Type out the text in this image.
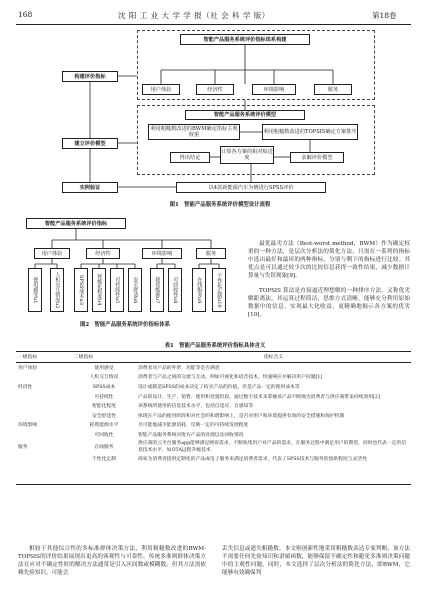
168	沈 阳 工 业 大 学 学 报（社 会 科 学 版）	第18卷
智能产品服务系统评价指标体系构建
构建评价指标
用户体验	经济性	环境影响	服务
智能产品服务系统评价模型
建立评价模型
利用粗糙数改进的BWM确定指标主观权重	利用粗糙数改进的TOPSIS确定方案排序
得出结论
计算各方案的相对贴近度	求解评价模型
实例验证	以4款新能源汽车为例进行SPSS评价
图1　智能产品服务系统评价模型设计流程
智能产品服务系统评价指标
用户体验	经济性	环境影响	服务
使用感受u1	人机交互情况u2	SPSS成本u3	智能化程度u4	可持续性u5	安全舒适u6	耗资能源u7	可回收性u8	在线服务u9	个性化定制u10
图2　智能产品服务系统评价指标体系
最优最劣方法（Best-worst method，BWM）作为确定权重的一种方法，是层次分析法的简化方法，只需在一系列的指标中选出最好和最坏的两种指标，分别与剩下的指标进行比较。其优点是可以通过较少次的比较信息获得一致性结果，减少数据计算量与失误现象[9]。
TOPSIS 算法是直接逼近理想解的一种排序方法，又称优劣解距离法，其运算过程简洁，思维方式清晰，能够充分利用原始数据中的信息，实现最大化收益，更精确地揭示各方案的优劣[10]。
表1　智能产品服务系统评价指标具体含义
一级指标	二级指标	指标含义
用户体验	使用感受	消费者对产品的外形、功能等是否满意
	人机交互情况	消费者与产品之间的交流与互动，例如可视化和语音技术，快速响应并解决用户问题[1]
经济性	SPSS成本	设计或制造SPSS的成本决定了构买产品的价值，但是产品一定的使用成本等
	可持续性	产品的设计、生产、销售、使用和处置阶段，通过数字技术来掌握该产品不断地为消费者与供应商带来持续效用[2]
	智能化程度	该系统所使用的信息技术水平，包括自适应、自感知等
	安全舒适性	体现在产品的使用阶段和对社会的和谐影响上，是否对用户和环境提供有效的安全措施和保护机制
环境影响	耗资能源水平	尽可能地减少能源消耗，反映一定的可持续发展程度
	可回收性	智能产品服务系统对废弃产品的处理以及回收情况
服务	在线服务	供应商的云平台服务app能够满足顾客需求，不断收集用户对产品的需求，在服务过程中满足用户的期望，同时也代表一定的信息技术水平，如OTA远程升级技术
	个性化定制	商家为消费者提供定制化的产品或电子服务来满足消费者需求，代表了SPSS技术与服务的创新程度与灵活性
相较于其他综合性的多标准群体决策方法，利用粗糙数改进的BWM-TOPSIS的评价结果展现出更高的客观性与可靠性。传统多准则群体决策方法在应对不确定性时的解决方法通常是引入区间数或模糊数，但其方法需依赖先验知识，可能会
丢失信息或遗失粗糙数。本文则创新性地采用粗糙数表达专家判断，该方法不需要任何先验知识和隶属函数，能够保留不确定性和避免多准则决策问题中的主观性问题。同时，本文选择了层次分析法的简化方法，即BWM，它能够有效确保判
